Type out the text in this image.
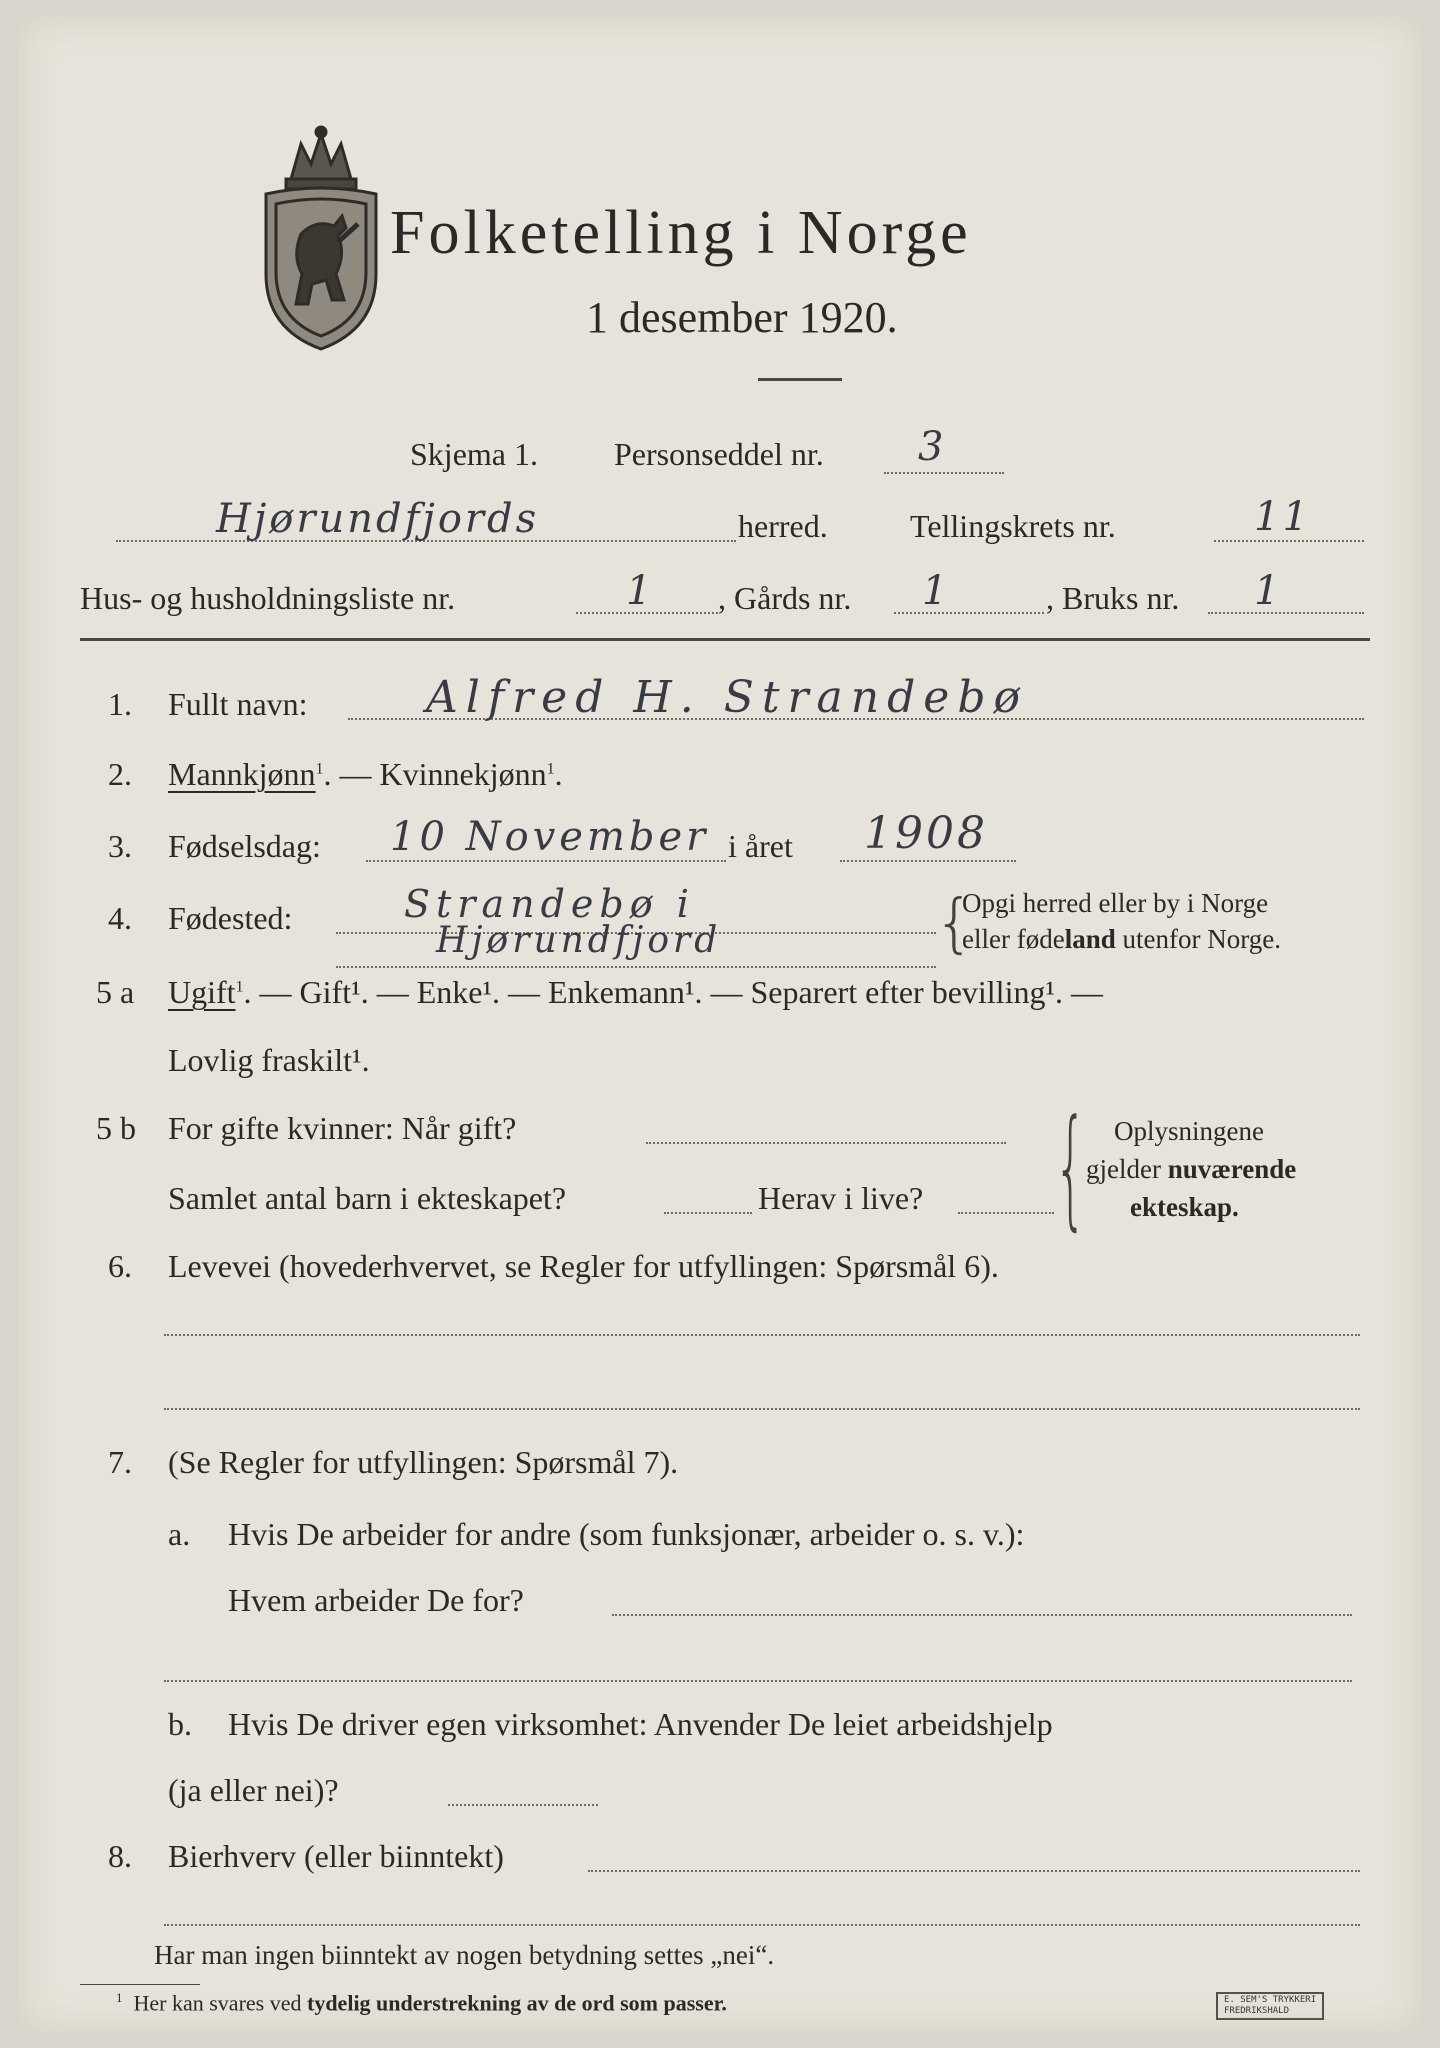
Folketelling i Norge
1 desember 1920.
Skjema 1. Personseddel nr. 3
Hjørundfjords	herred.	Tellingskrets nr.	11
Hus- og husholdningsliste nr.	1 , Gårds nr. 1	, Bruks nr. 1
1. Fullt navn:	Alfred H. Strandebø
2. Mannkjønn$^1$. — Kvinnekjønn$^1$.
3. Fødselsdag: 10 November i året 1908
4. Fødested:	Strandebø i
Hjørundfjord	{
Opgi herred eller by i Norge
eller fødeland utenfor Norge.
5 a Ugift$^1$. — Gift¹. — Enke¹. — Enkemann¹. — Separert efter bevilling¹. —
Lovlig fraskilt¹.
5 b For gifte kvinner: Når gift?
Samlet antal barn i ekteskapet?	Herav i live? { Oplysningene
gjelder nuværende
ekteskap.
6. Levevei (hovederhvervet, se Regler for utfyllingen: Spørsmål 6).
7. (Se Regler for utfyllingen: Spørsmål 7).
a. Hvis De arbeider for andre (som funksjonær, arbeider o. s. v.):
Hvem arbeider De for?
b. Hvis De driver egen virksomhet: Anvender De leiet arbeidshjelp
(ja eller nei)?
8. Bierhverv (eller biinntekt)
Har man ingen biinntekt av nogen betydning settes „nei“.
$^1$ Her kan svares ved tydelig understrekning av de ord som passer.	E. SEM'S TRYKKERI
FREDRIKSHALD
